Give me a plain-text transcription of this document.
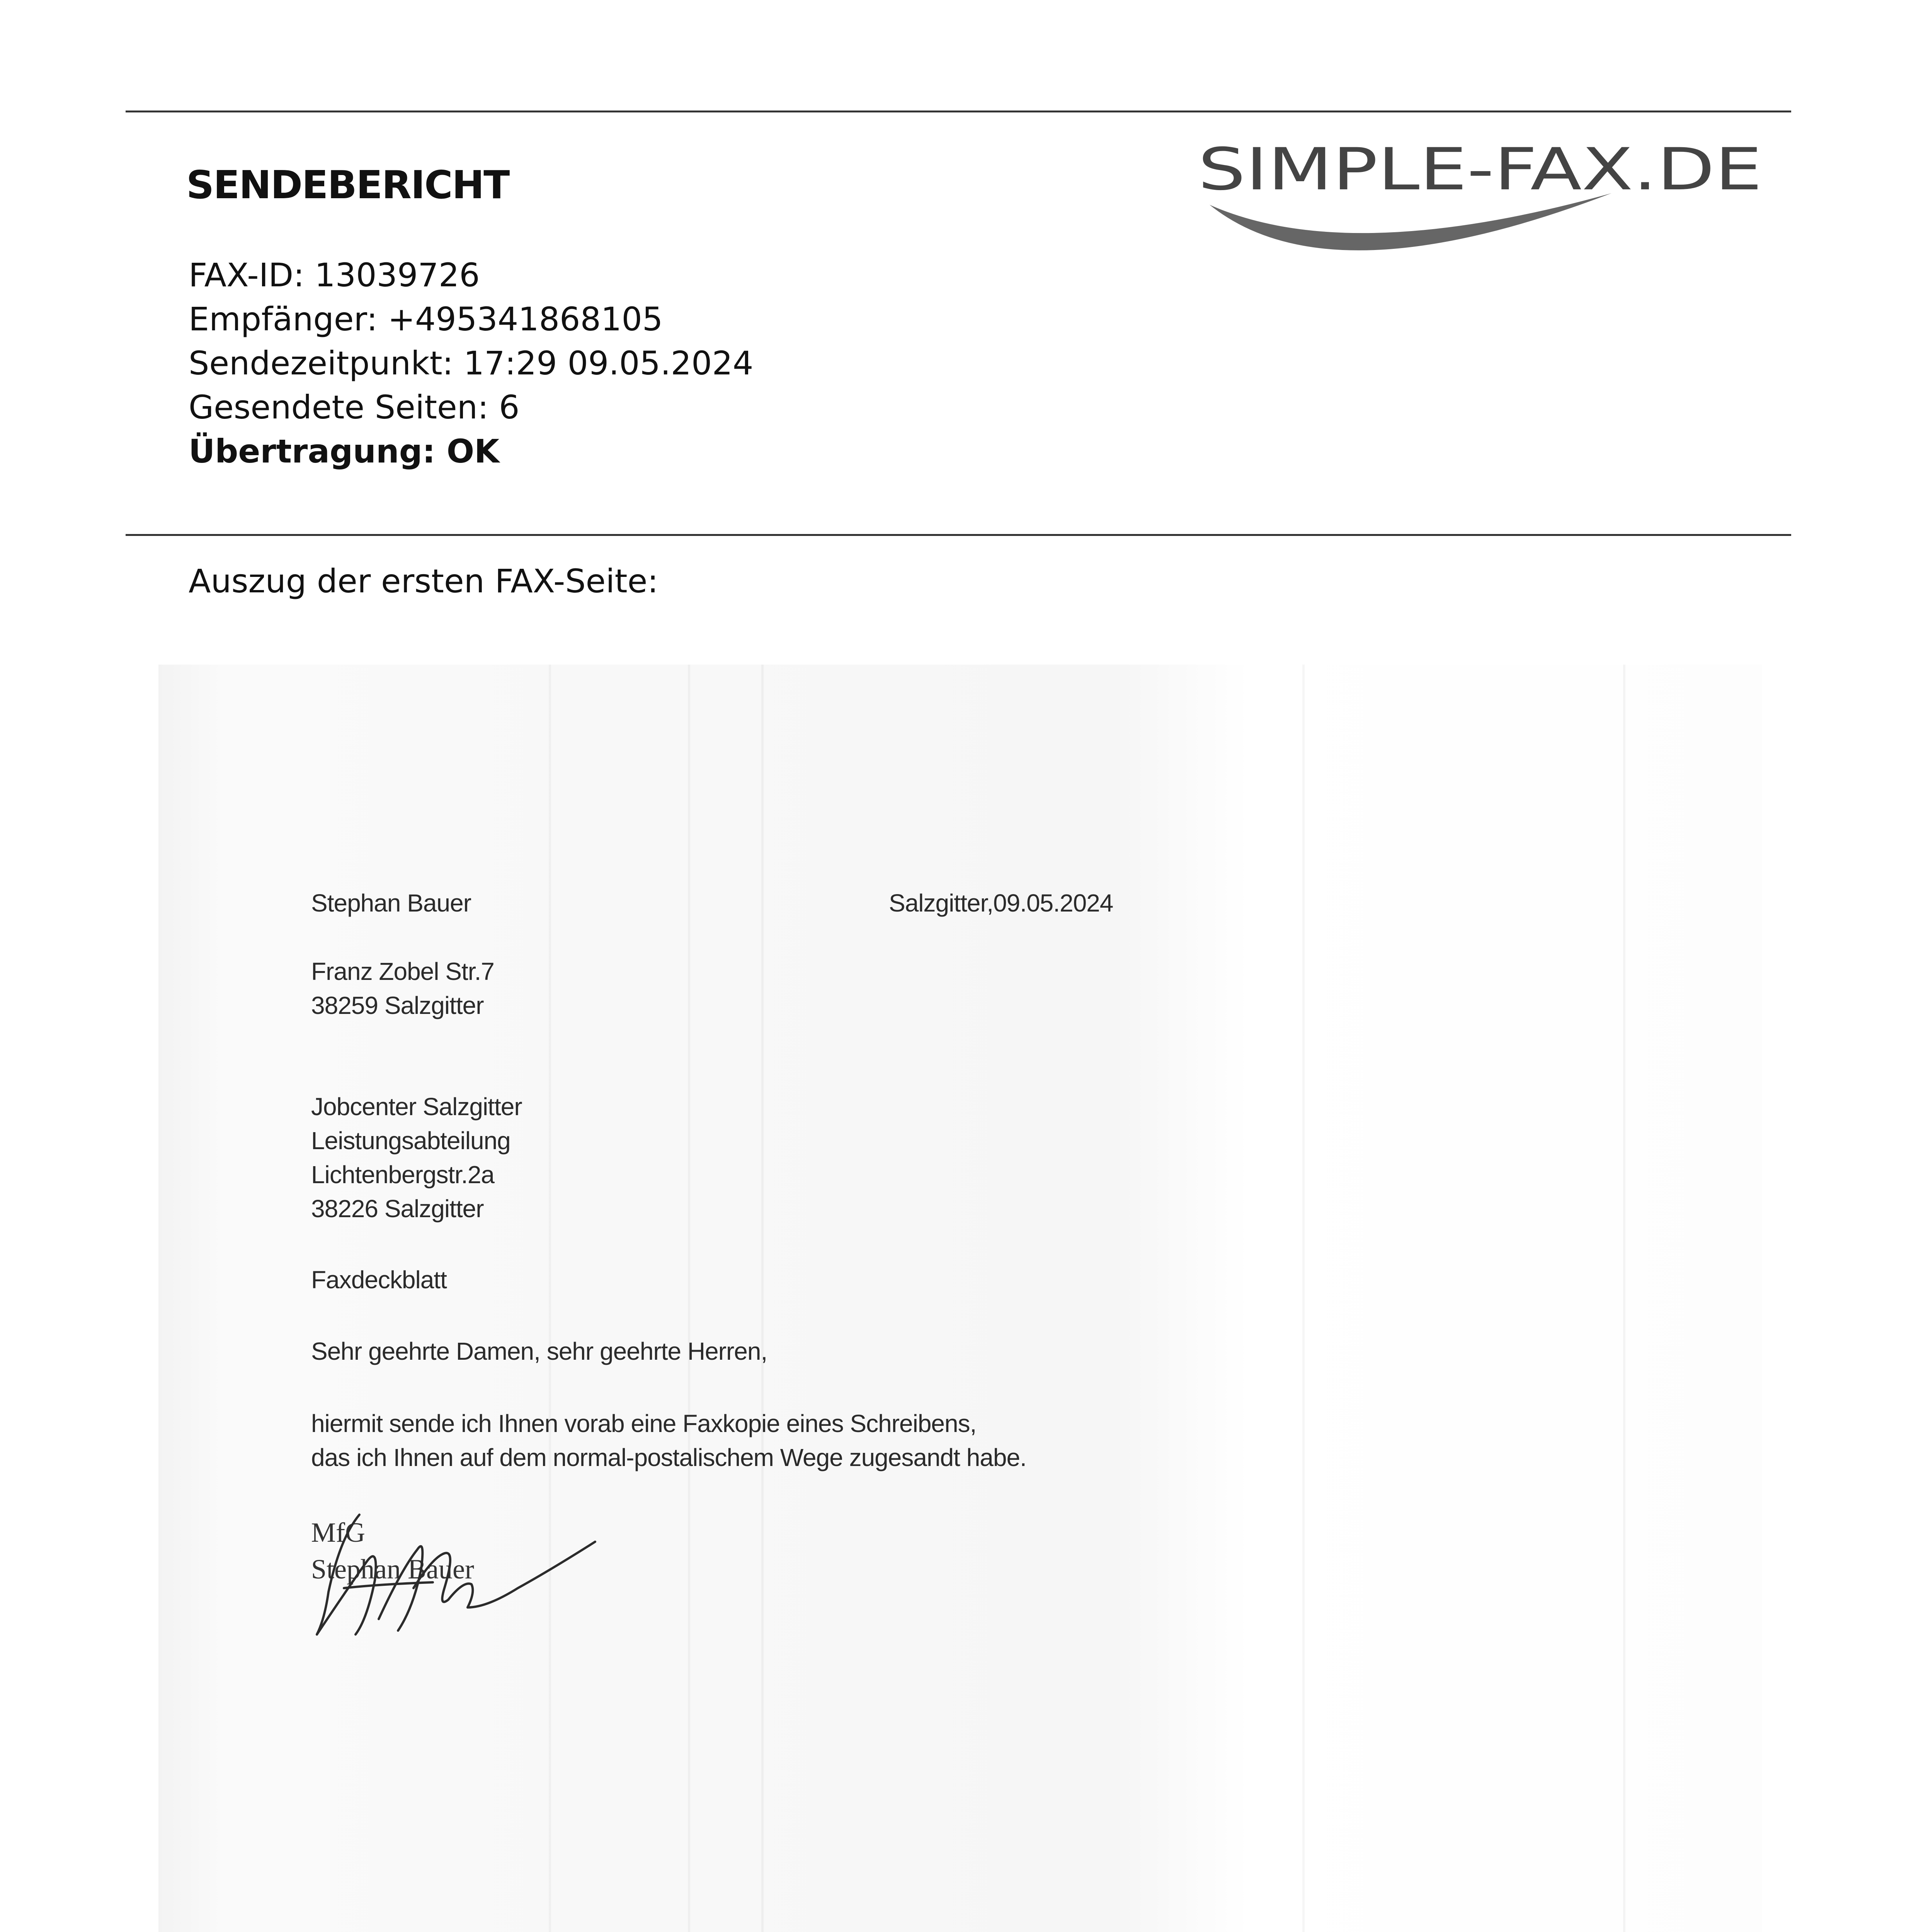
SENDEBERICHT	SIMPLE-FAX.DE
FAX-ID: 13039726
Empfänger: +495341868105
Sendezeitpunkt: 17:29 09.05.2024
Gesendete Seiten: 6
Übertragung: OK
Auszug der ersten FAX-Seite:
Stephan Bauer	Salzgitter,09.05.2024
Franz Zobel Str.7
38259 Salzgitter
Jobcenter Salzgitter
Leistungsabteilung
Lichtenbergstr.2a
38226 Salzgitter
Faxdeckblatt
Sehr geehrte Damen, sehr geehrte Herren,
hiermit sende ich Ihnen vorab eine Faxkopie eines Schreibens,
das ich Ihnen auf dem normal-postalischem Wege zugesandt habe.
MfG
Stephan Bauer
